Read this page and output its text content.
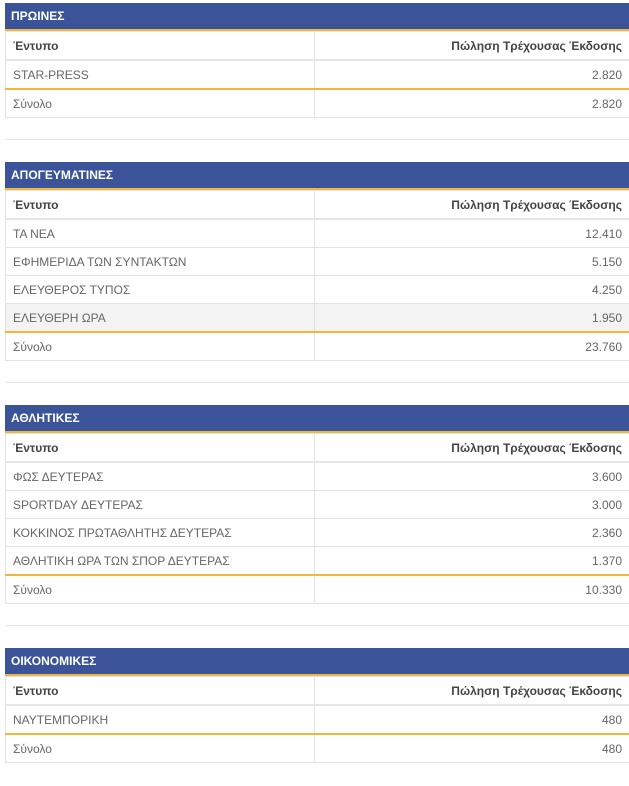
ΠΡΩΙΝΕΣ
Έντυπο	Πώληση Τρέχουσας Έκδοσης
STAR-PRESS	2.820
Σύνολο	2.820
ΑΠΟΓΕΥΜΑΤΙΝΕΣ
Έντυπο	Πώληση Τρέχουσας Έκδοσης
ΤΑ ΝΕΑ	12.410
ΕΦΗΜΕΡΙΔΑ ΤΩΝ ΣΥΝΤΑΚΤΩΝ	5.150
ΕΛΕΥΘΕΡΟΣ ΤΥΠΟΣ	4.250
ΕΛΕΥΘΕΡΗ ΩΡΑ	1.950
Σύνολο	23.760
ΑΘΛΗΤΙΚΕΣ
Έντυπο	Πώληση Τρέχουσας Έκδοσης
ΦΩΣ ΔΕΥΤΕΡΑΣ	3.600
SPORTDAY ΔΕΥΤΕΡΑΣ	3.000
ΚΟΚΚΙΝΟΣ ΠΡΩΤΑΘΛΗΤΗΣ ΔΕΥΤΕΡΑΣ	2.360
ΑΘΛΗΤΙΚΗ ΩΡΑ ΤΩΝ ΣΠΟΡ ΔΕΥΤΕΡΑΣ	1.370
Σύνολο	10.330
ΟΙΚΟΝΟΜΙΚΕΣ
Έντυπο	Πώληση Τρέχουσας Έκδοσης
ΝΑΥΤΕΜΠΟΡΙΚΗ	480
Σύνολο	480
